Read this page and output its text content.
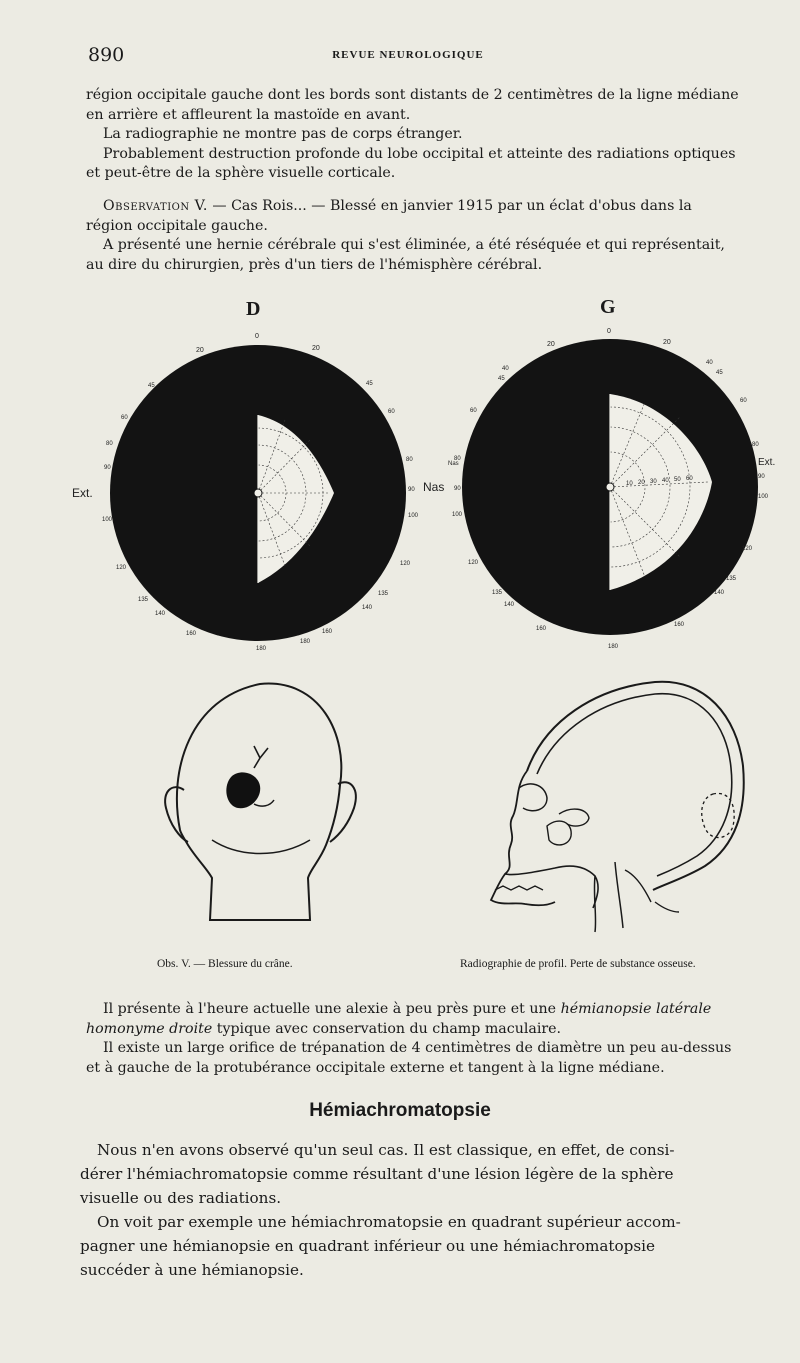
890	REVUE NEUROLOGIQUE

région occipitale gauche dont les bords sont distants de 2 centimètres de la ligne médiane

en arrière et affleurent la mastoïde en avant.

La radiographie ne montre pas de corps étranger.

Probablement destruction profonde du lobe occipital et atteinte des radiations optiques

et peut-être de la sphère visuelle corticale.

Observation V. — Cas Rois... — Blessé en janvier 1915 par un éclat d'obus dans la

région occipitale gauche.

A présenté une hernie cérébrale qui s'est éliminée, a été réséquée et qui représentait,

au dire du chirurgien, près d'un tiers de l'hémisphère cérébral.

D	G
0
20	20
Ext.	Nas
45
60
80
90
100
120
135
140
160
180
45
60
80
90
100
120
135
140
160
180
10 20 30 40 50 60
0
20	20
Nas	Ext.
40
45
60
80
90
100
120
135
140
160
40
45
60
80
90
100
120
135
140
160
180
Obs. V. — Blessure du crâne.	Radiographie de profil. Perte de substance osseuse.

Il présente à l'heure actuelle une alexie à peu près pure et une hémianopsie latérale

homonyme droite typique avec conservation du champ maculaire.

Il existe un large orifice de trépanation de 4 centimètres de diamètre un peu au-dessus

et à gauche de la protubérance occipitale externe et tangent à la ligne médiane.

Hémiachromatopsie

Nous n'en avons observé qu'un seul cas. Il est classique, en effet, de consi-

dérer l'hémiachromatopsie comme résultant d'une lésion légère de la sphère

visuelle ou des radiations.

On voit par exemple une hémiachromatopsie en quadrant supérieur accom-

pagner une hémianopsie en quadrant inférieur ou une hémiachromatopsie

succéder à une hémianopsie.
